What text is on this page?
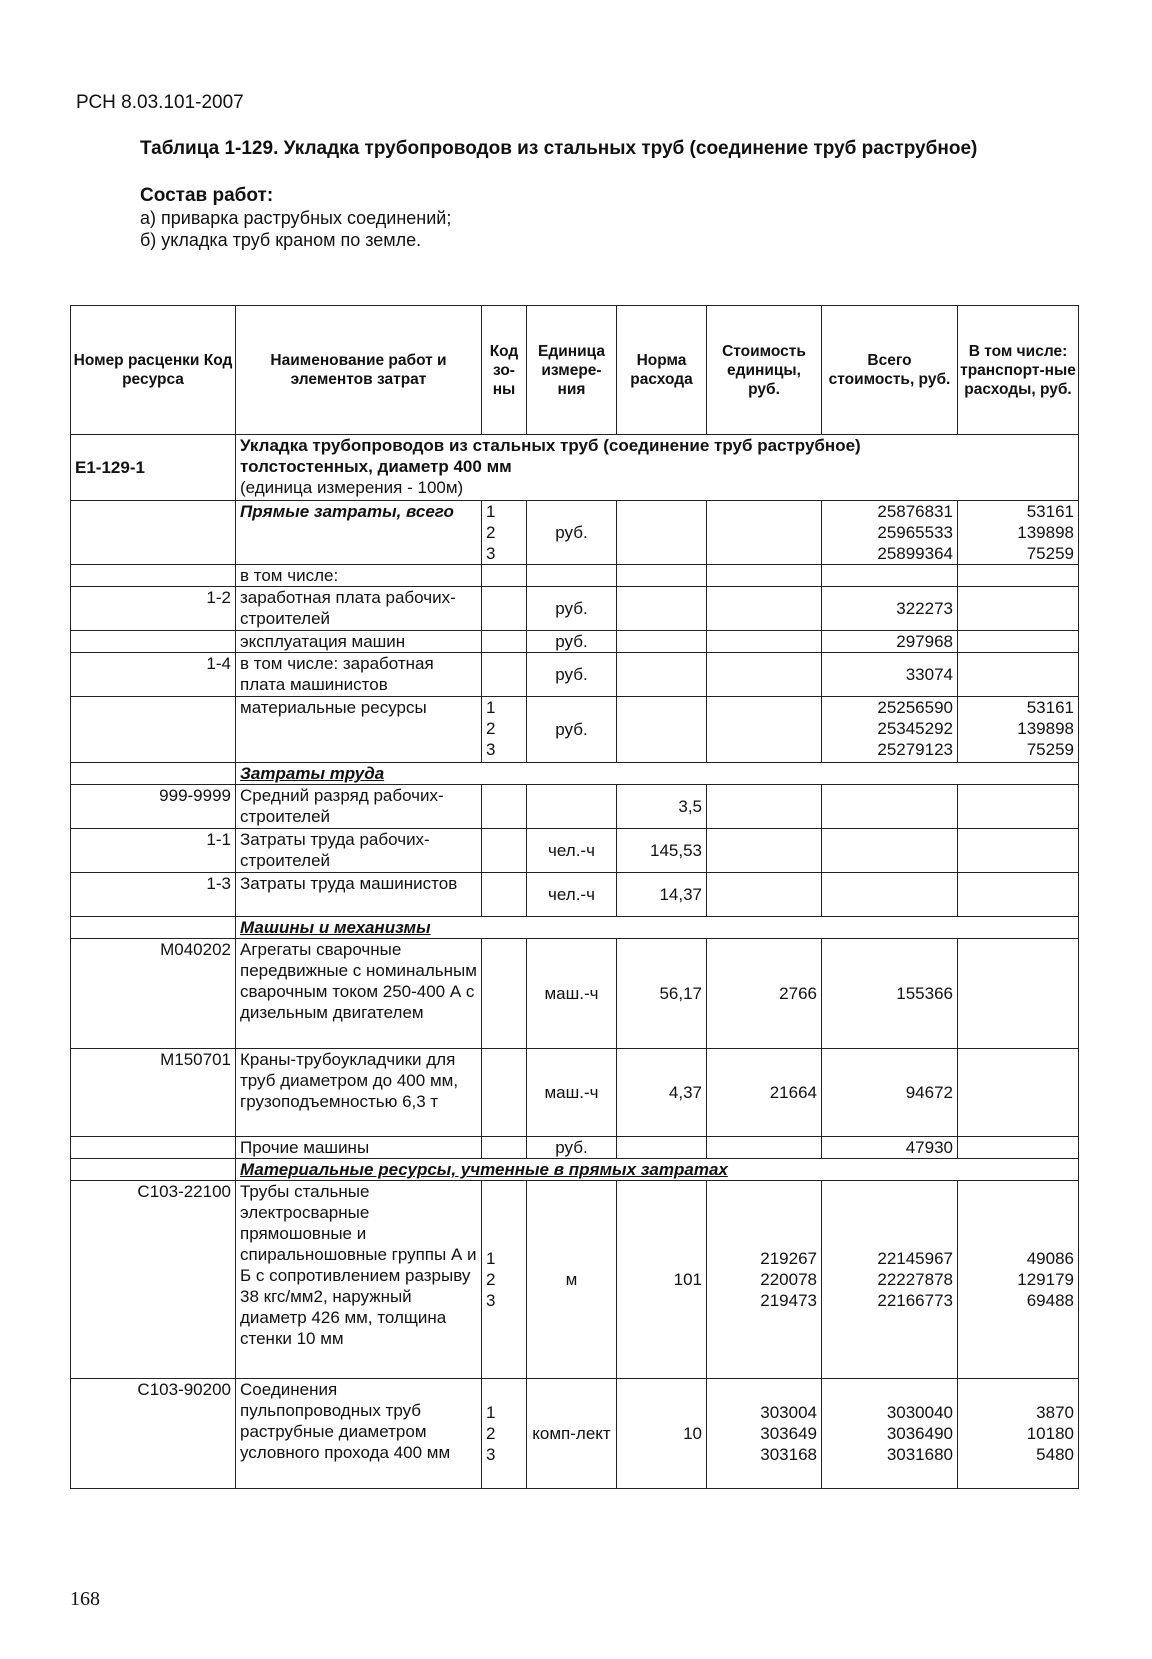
РСН 8.03.101-2007
Таблица 1-129. Укладка трубопроводов из стальных труб (соединение труб раструбное)
Состав работ:
а) приварка раструбных соединений;
б) укладка труб краном по земле.
Номер расценки Код ресурса	Наименование работ и элементов затрат	Код зо-ны	Единица измере-ния	Норма расхода	Стоимость единицы, руб.	Всего стоимость, руб.	В том числе: транспорт-ные расходы, руб.
Е1-129-1	Укладка трубопроводов из стальных труб (соединение труб раструбное) толстостенных, диаметр 400 мм
(единица измерения - 100м)						

	Прямые затраты, всего	1
2
3	руб.			25876831
25965533
25899364	53161
139898
75259
	в том числе:						
1-2	заработная плата рабочих-строителей		руб.			322273	
	эксплуатация машин		руб.			297968	
1-4	в том числе: заработная плата машинистов		руб.			33074	
	материальные ресурсы	1
2
3	руб.			25256590
25345292
25279123	53161
139898
75259
	Затраты труда						
999-9999	Средний разряд рабочих-строителей			3,5			
1-1	Затраты труда рабочих-строителей		чел.-ч	145,53			
1-3	Затраты труда машинистов		чел.-ч	14,37			
	Машины и механизмы						
М040202	Агрегаты сварочные передвижные с номинальным сварочным током 250-400 А с дизельным двигателем		маш.-ч	56,17	2766	155366	
М150701	Краны-трубоукладчики для труб диаметром до 400 мм, грузоподъемностью 6,3 т		маш.-ч	4,37	21664	94672	
	Прочие машины		руб.			47930	
	Материальные ресурсы, учтенные в прямых затратах						
С103-22100	Трубы стальные электросварные прямошовные и спиральношовные группы А и Б с сопротивлением разрыву 38 кгс/мм2, наружный диаметр 426 мм, толщина стенки 10 мм	1
2
3	м	101	219267
220078
219473	22145967
22227878
22166773	49086
129179
69488
С103-90200	Соединения пульпопроводных труб раструбные диаметром условного прохода 400 мм	1
2
3	комп-лект	10	303004
303649
303168	3030040
3036490
3031680	3870
10180
5480
168
